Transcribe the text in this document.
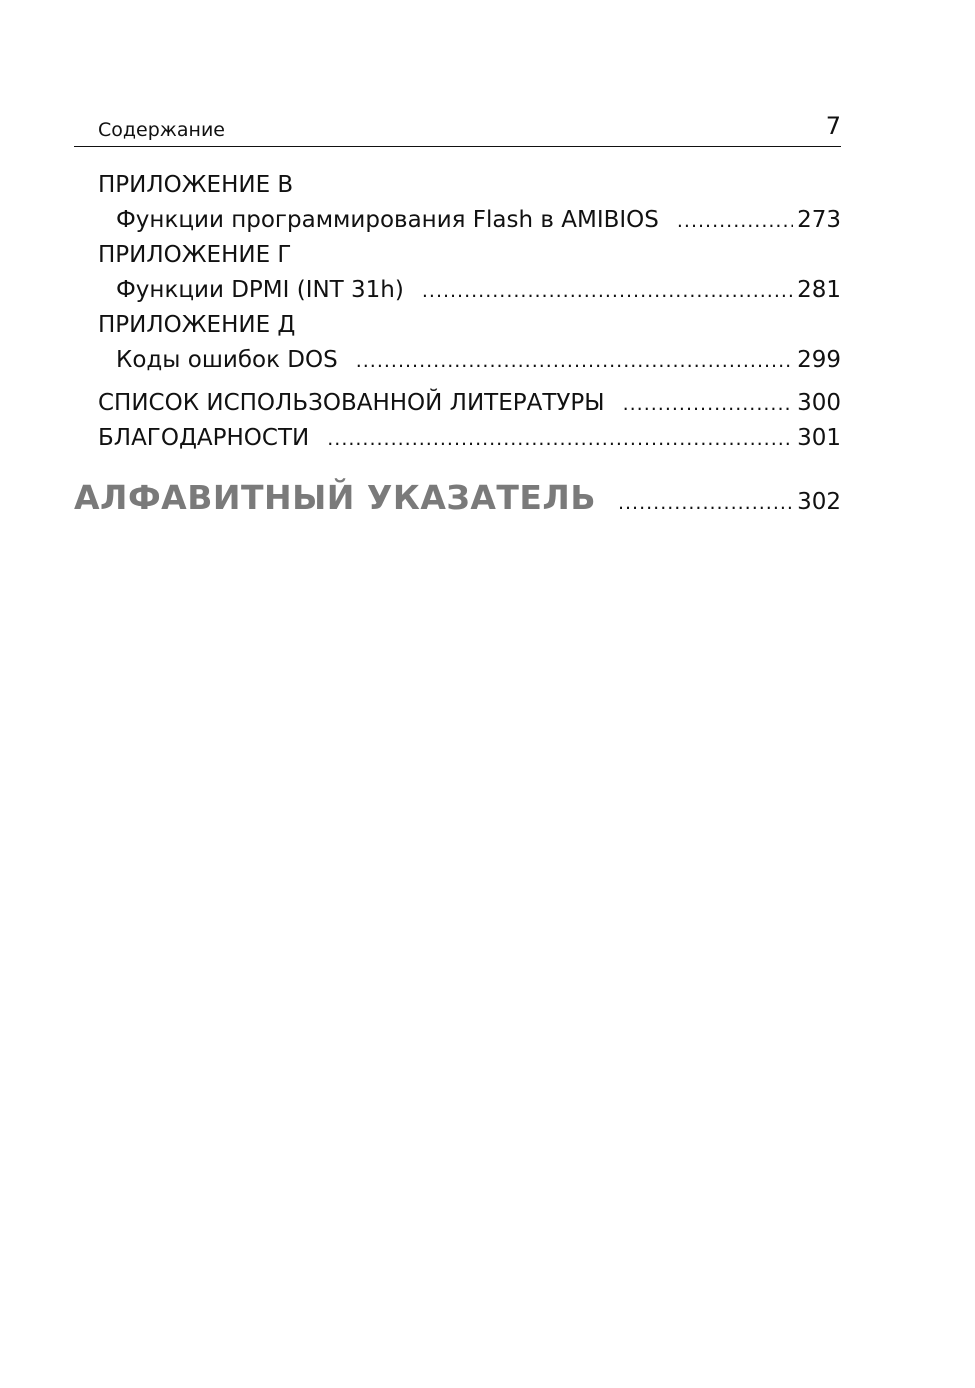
Содержание	7
ПРИЛОЖЕНИЕ В
Функции программирования Flash в AMIBIOS .....	273
ПРИЛОЖЕНИЕ Г
Функции DPMI (INT 31h) .....	281
ПРИЛОЖЕНИЕ Д
Коды ошибок DOS .....	299
СПИСОК ИСПОЛЬЗОВАННОЙ ЛИТЕРАТУРЫ .....	300
БЛАГОДАРНОСТИ .....	301
АЛФАВИТНЫЙ УКАЗАТЕЛЬ .....	302
